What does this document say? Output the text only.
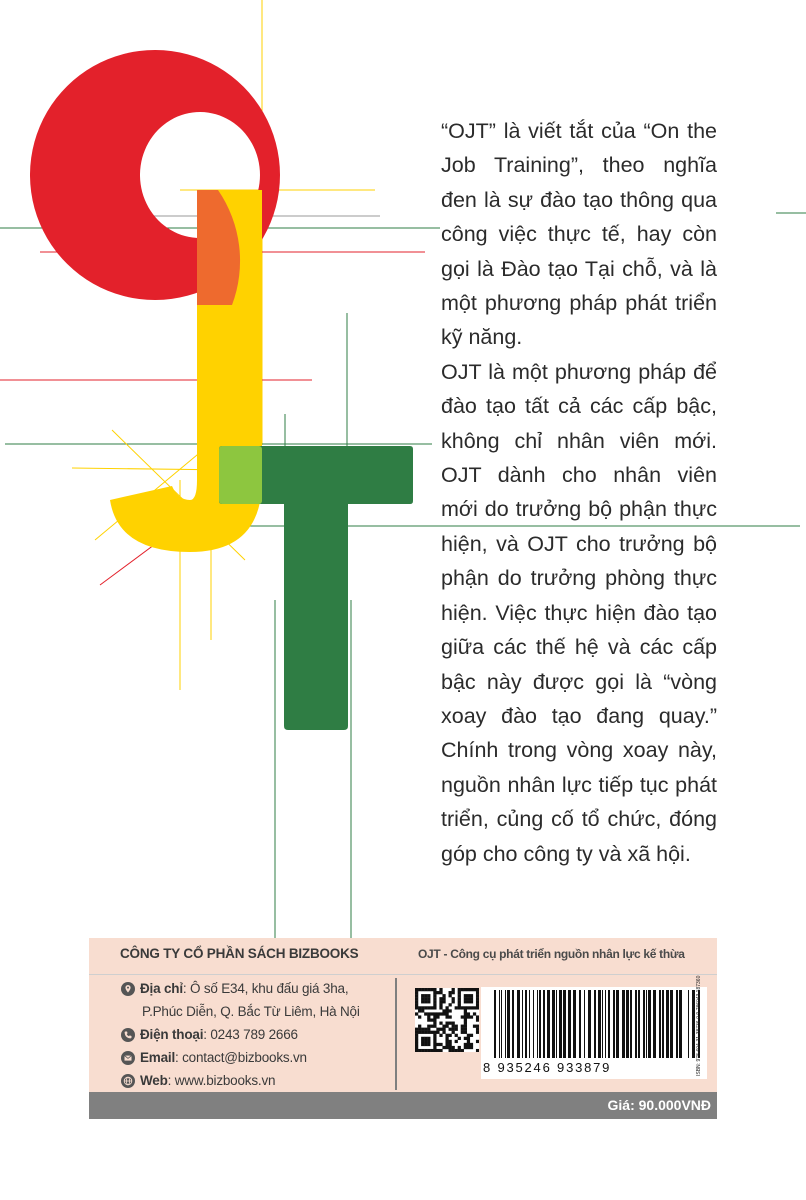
“OJT” là viết tắt của “On the Job Training”, theo nghĩa đen là sự đào tạo thông qua công việc thực tế, hay còn gọi là Đào tạo Tại chỗ, và là một phương pháp phát triển kỹ năng.

OJT là một phương pháp để đào tạo tất cả các cấp bậc, không chỉ nhân viên mới. OJT dành cho nhân viên mới do trưởng bộ phận thực hiện, và OJT cho trưởng bộ phận do trưởng phòng thực hiện. Việc thực hiện đào tạo giữa các thế hệ và các cấp bậc này được gọi là “vòng xoay đào tạo đang quay.” Chính trong vòng xoay này, nguồn nhân lực tiếp tục phát triển, củng cố tổ chức, đóng góp cho công ty và xã hội.

CÔNG TY CỔ PHẦN SÁCH BIZBOOKS	OJT - Công cụ phát triển nguồn nhân lực kế thừa
Địa chỉ: Ô số E34, khu đấu giá 3ha,
P.Phúc Diễn, Q. Bắc Từ Liêm, Hà Nội
Điện thoại: 0243 789 2666
Email: contact@bizbooks.vn
Web: www.bizbooks.vn
8 935246 933879	ISBN: 978-604-31-38736-0 9 786043 187360
Giá: 90.000VNĐ
